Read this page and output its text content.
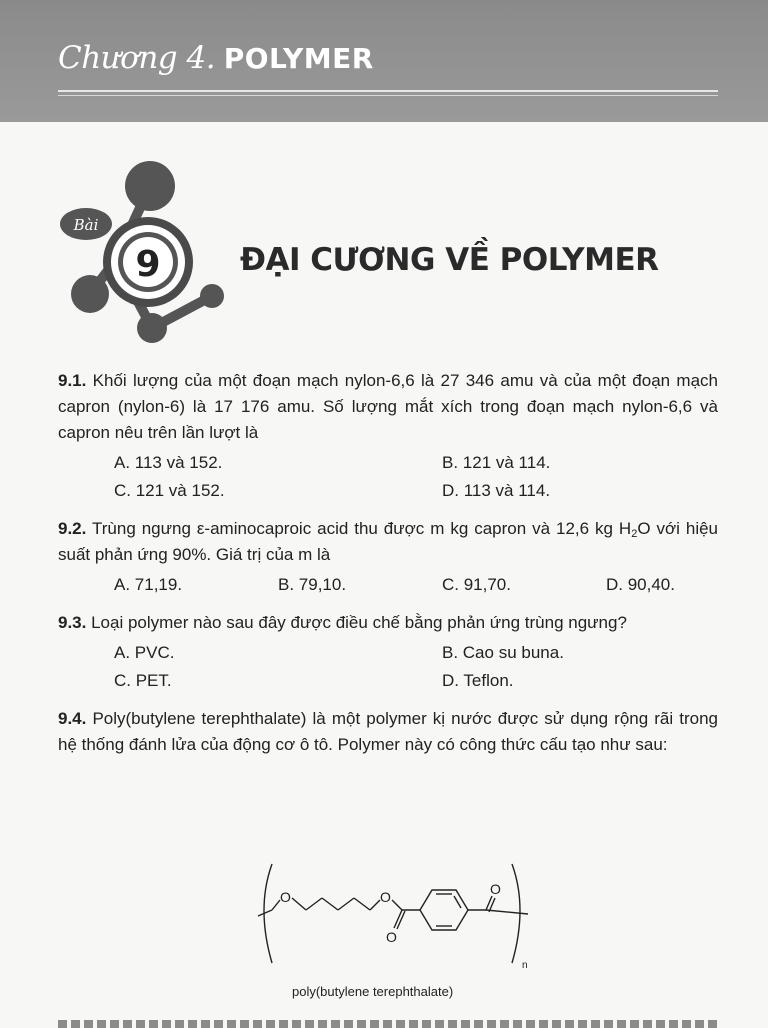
Chương 4. POLYMER
Bài
9	ĐẠI CƯƠNG VỀ POLYMER

9.1. Khối lượng của một đoạn mạch nylon-6,6 là 27 346 amu và của một đoạn mạch capron (nylon-6) là 17 176 amu. Số lượng mắt xích trong đoạn mạch nylon-6,6 và capron nêu trên lần lượt là

A. 113 và 152.	B. 121 và 114.
C. 121 và 152.	D. 113 và 114.

9.2. Trùng ngưng ε-aminocaproic acid thu được m kg capron và 12,6 kg $H_2O$ với hiệu suất phản ứng 90%. Giá trị của m là

A. 71,19.	B. 79,10.	C. 91,70.	D. 90,40.

9.3. Loại polymer nào sau đây được điều chế bằng phản ứng trùng ngưng?

A. PVC.	B. Cao su buna.
C. PET.	D. Teflon.

9.4. Poly(butylene terephthalate) là một polymer kị nước được sử dụng rộng rãi trong hệ thống đánh lửa của động cơ ô tô. Polymer này có công thức cấu tạo như sau:

O	O
O
O
n
poly(butylene terephthalate)
